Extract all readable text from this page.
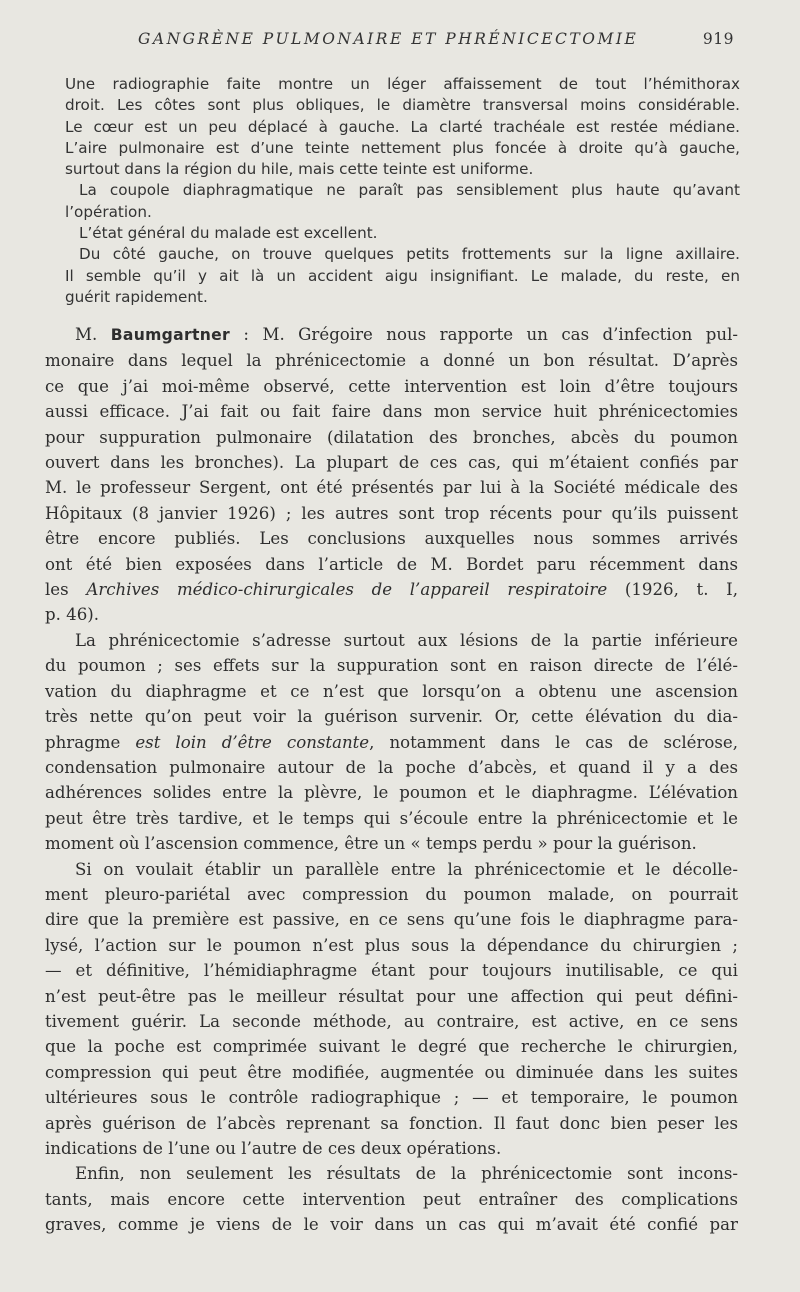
GANGRÈNE PULMONAIRE ET PHRÉNICECTOMIE	919

Une radiographie faite montre un léger affaissement de tout l’hémithorax
droit. Les côtes sont plus obliques, le diamètre transversal moins considérable.
Le cœur est un peu déplacé à gauche. La clarté trachéale est restée médiane.
L’aire pulmonaire est d’une teinte nettement plus foncée à droite qu’à gauche,
surtout dans la région du hile, mais cette teinte est uniforme.

La coupole diaphragmatique ne paraît pas sensiblement plus haute qu’avant
l’opération.

L’état général du malade est excellent.

Du côté gauche, on trouve quelques petits frottements sur la ligne axillaire.
Il semble qu’il y ait là un accident aigu insignifiant. Le malade, du reste, en
guérit rapidement.

M. Baumgartner : M. Grégoire nous rapporte un cas d’infection pul-
monaire dans lequel la phrénicectomie a donné un bon résultat. D’après
ce que j’ai moi-même observé, cette intervention est loin d’être toujours
aussi efficace. J’ai fait ou fait faire dans mon service huit phrénicectomies
pour suppuration pulmonaire (dilatation des bronches, abcès du poumon
ouvert dans les bronches). La plupart de ces cas, qui m’étaient confiés par
M. le professeur Sergent, ont été présentés par lui à la Société médicale des
Hôpitaux (8 janvier 1926) ; les autres sont trop récents pour qu’ils puissent
être encore publiés. Les conclusions auxquelles nous sommes arrivés
ont été bien exposées dans l’article de M. Bordet paru récemment dans
les Archives médico-chirurgicales de l’appareil respiratoire (1926, t. I,
p. 46).

La phrénicectomie s’adresse surtout aux lésions de la partie inférieure
du poumon ; ses effets sur la suppuration sont en raison directe de l’élé-
vation du diaphragme et ce n’est que lorsqu’on a obtenu une ascension
très nette qu’on peut voir la guérison survenir. Or, cette élévation du dia-
phragme est loin d’être constante, notamment dans le cas de sclérose,
condensation pulmonaire autour de la poche d’abcès, et quand il y a des
adhérences solides entre la plèvre, le poumon et le diaphragme. L’élévation
peut être très tardive, et le temps qui s’écoule entre la phrénicectomie et le
moment où l’ascension commence, être un « temps perdu » pour la guérison.

Si on voulait établir un parallèle entre la phrénicectomie et le décolle-
ment pleuro-pariétal avec compression du poumon malade, on pourrait
dire que la première est passive, en ce sens qu’une fois le diaphragme para-
lysé, l’action sur le poumon n’est plus sous la dépendance du chirurgien ;
— et définitive, l’hémidiaphragme étant pour toujours inutilisable, ce qui
n’est peut-être pas le meilleur résultat pour une affection qui peut défini-
tivement guérir. La seconde méthode, au contraire, est active, en ce sens
que la poche est comprimée suivant le degré que recherche le chirurgien,
compression qui peut être modifiée, augmentée ou diminuée dans les suites
ultérieures sous le contrôle radiographique ; — et temporaire, le poumon
après guérison de l’abcès reprenant sa fonction. Il faut donc bien peser les
indications de l’une ou l’autre de ces deux opérations.

Enfin, non seulement les résultats de la phrénicectomie sont incons-
tants, mais encore cette intervention peut entraîner des complications
graves, comme je viens de le voir dans un cas qui m’avait été confié par
